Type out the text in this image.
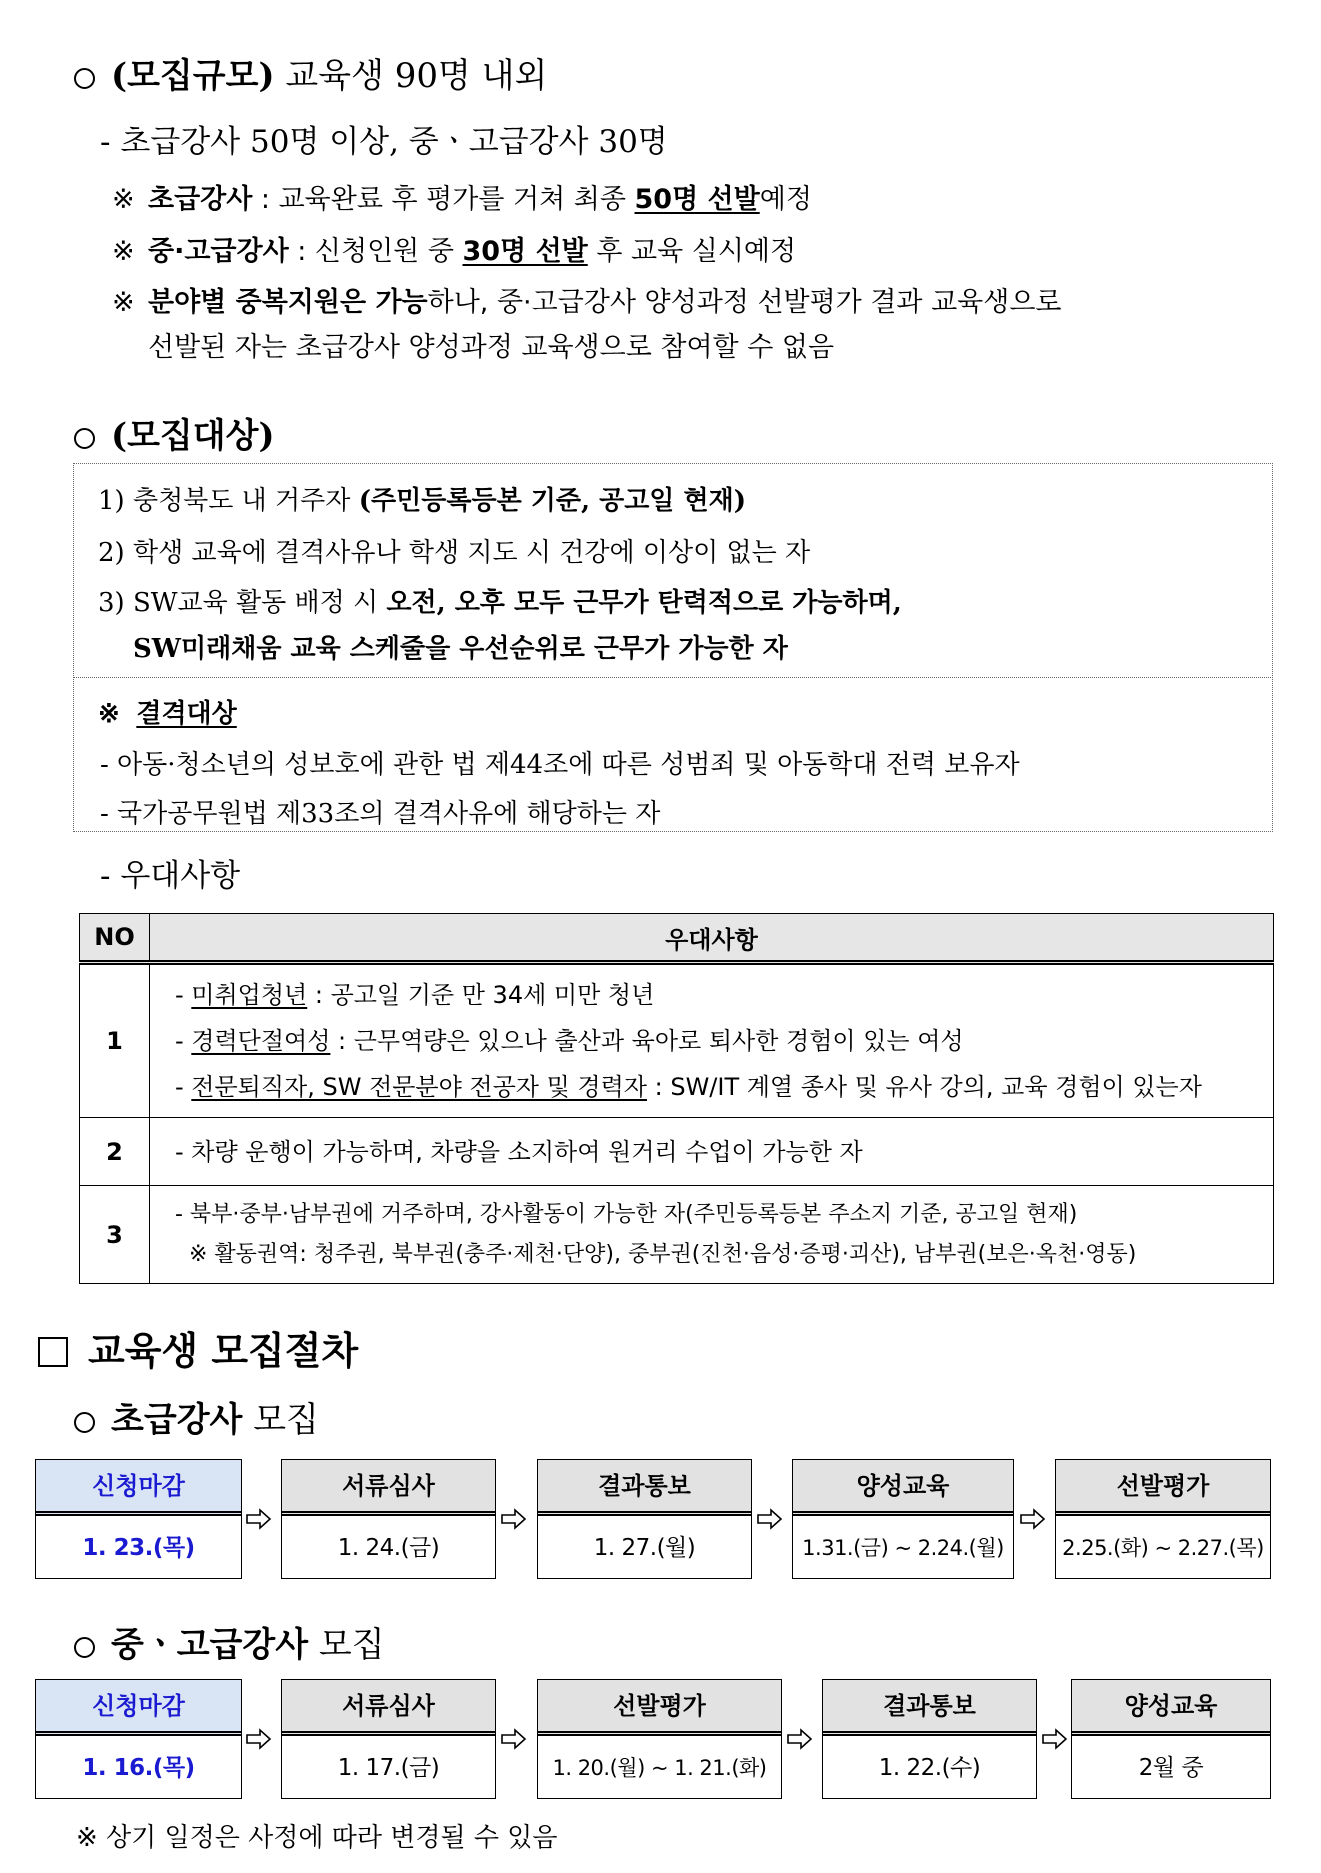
(모집규모) 교육생 90명 내외
- 초급강사 50명 이상, 중ㆍ고급강사 30명
※ 초급강사 : 교육완료 후 평가를 거쳐 최종 50명 선발예정
※ 중·고급강사 : 신청인원 중 30명 선발 후 교육 실시예정
※ 분야별 중복지원은 가능하나, 중·고급강사 양성과정 선발평가 결과 교육생으로
선발된 자는 초급강사 양성과정 교육생으로 참여할 수 없음
(모집대상)
1) 충청북도 내 거주자 (주민등록등본 기준, 공고일 현재)
2) 학생 교육에 결격사유나 학생 지도 시 건강에 이상이 없는 자
3) SW교육 활동 배정 시 오전, 오후 모두 근무가 탄력적으로 가능하며,
SW미래채움 교육 스케줄을 우선순위로 근무가 가능한 자
※ 결격대상
- 아동·청소년의 성보호에 관한 법 제44조에 따른 성범죄 및 아동학대 전력 보유자
- 국가공무원법 제33조의 결격사유에 해당하는 자
- 우대사항
NO	우대사항
1	- 미취업청년 : 공고일 기준 만 34세 미만 청년
- 경력단절여성 : 근무역량은 있으나 출산과 육아로 퇴사한 경험이 있는 여성
- 전문퇴직자, SW 전문분야 전공자 및 경력자 : SW/IT 계열 종사 및 유사 강의, 교육 경험이 있는자

2	- 차량 운행이 가능하며, 차량을 소지하여 원거리 수업이 가능한 자

3	- 북부·중부·남부권에 거주하며, 강사활동이 가능한 자(주민등록등본 주소지 기준, 공고일 현재)
※ 활동권역: 청주권, 북부권(충주·제천·단양), 중부권(진천·음성·증평·괴산), 남부권(보은·옥천·영동)
교육생 모집절차
초급강사 모집
신청마감
1. 23.(목)
서류심사
1. 24.(금)
결과통보
1. 27.(월)
양성교육
1.31.(금) ~ 2.24.(월)
선발평가
2.25.(화) ~ 2.27.(목)
중ㆍ고급강사 모집
신청마감
1. 16.(목)
서류심사
1. 17.(금)
선발평가
1. 20.(월) ~ 1. 21.(화)
결과통보
1. 22.(수)
양성교육
2월 중
※ 상기 일정은 사정에 따라 변경될 수 있음
